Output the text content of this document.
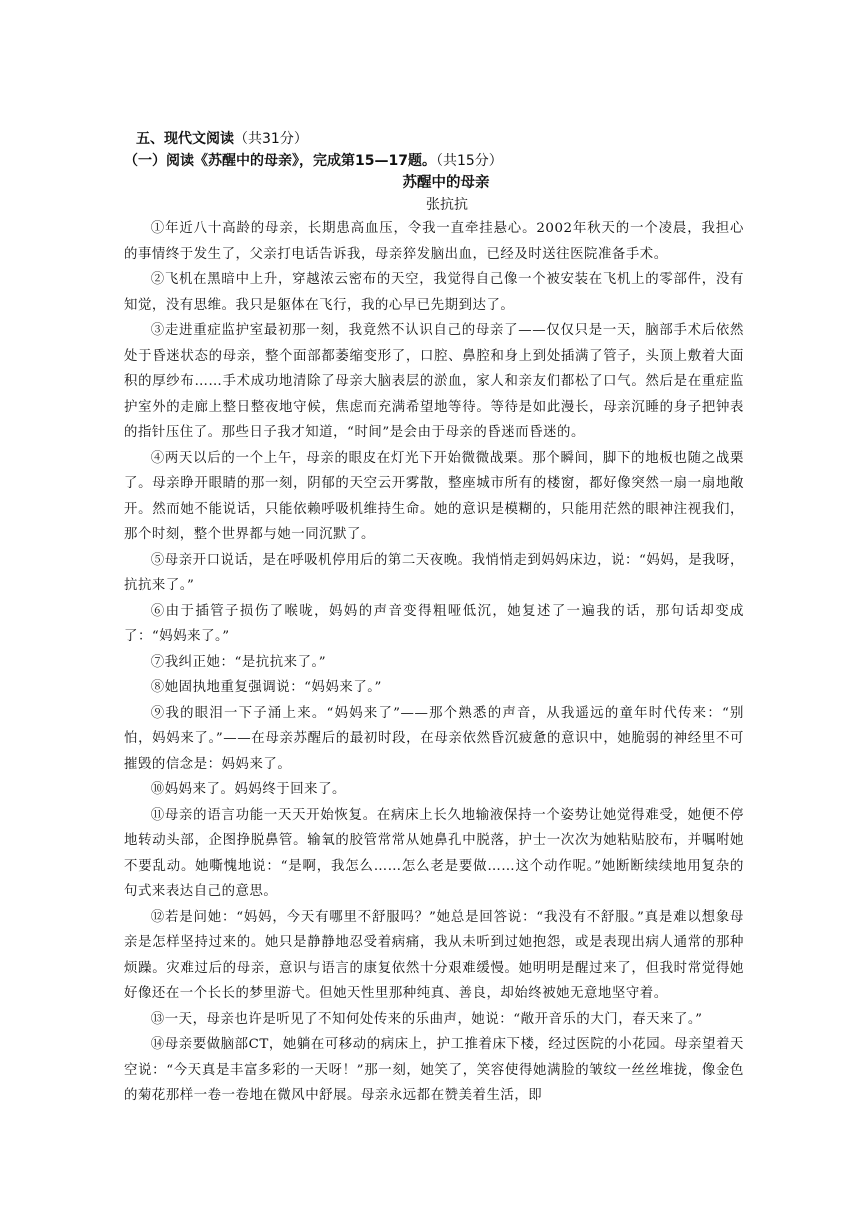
五、现代文阅读（共31分）

（一）阅读《苏醒中的母亲》，完成第15—17题。（共15分）

苏醒中的母亲

张抗抗

①年近八十高龄的母亲，长期患高血压，令我一直牵挂悬心。2002年秋天的一个凌晨，我担心的事情终于发生了，父亲打电话告诉我，母亲猝发脑出血，已经及时送往医院准备手术。

②飞机在黑暗中上升，穿越浓云密布的天空，我觉得自己像一个被安装在飞机上的零部件，没有知觉，没有思维。我只是躯体在飞行，我的心早已先期到达了。

③走进重症监护室最初那一刻，我竟然不认识自己的母亲了——仅仅只是一天，脑部手术后依然处于昏迷状态的母亲，整个面部都萎缩变形了，口腔、鼻腔和身上到处插满了管子，头顶上敷着大面积的厚纱布……手术成功地清除了母亲大脑表层的淤血，家人和亲友们都松了口气。然后是在重症监护室外的走廊上整日整夜地守候，焦虑而充满希望地等待。等待是如此漫长，母亲沉睡的身子把钟表的指针压住了。那些日子我才知道，“时间”是会由于母亲的昏迷而昏迷的。

④两天以后的一个上午，母亲的眼皮在灯光下开始微微战栗。那个瞬间，脚下的地板也随之战栗了。母亲睁开眼睛的那一刻，阴郁的天空云开雾散，整座城市所有的楼窗，都好像突然一扇一扇地敞开。然而她不能说话，只能依赖呼吸机维持生命。她的意识是模糊的，只能用茫然的眼神注视我们，那个时刻，整个世界都与她一同沉默了。

⑤母亲开口说话，是在呼吸机停用后的第二天夜晚。我悄悄走到妈妈床边，说：“妈妈，是我呀，抗抗来了。”

⑥由于插管子损伤了喉咙，妈妈的声音变得粗哑低沉，她复述了一遍我的话，那句话却变成了：“妈妈来了。”

⑦我纠正她：“是抗抗来了。”

⑧她固执地重复强调说：“妈妈来了。”

⑨我的眼泪一下子涌上来。“妈妈来了”——那个熟悉的声音，从我遥远的童年时代传来：“别怕，妈妈来了。”——在母亲苏醒后的最初时段，在母亲依然昏沉疲惫的意识中，她脆弱的神经里不可摧毁的信念是：妈妈来了。

⑩妈妈来了。妈妈终于回来了。

⑪母亲的语言功能一天天开始恢复。在病床上长久地输液保持一个姿势让她觉得难受，她便不停地转动头部，企图挣脱鼻管。输氧的胶管常常从她鼻孔中脱落，护士一次次为她粘贴胶布，并嘱咐她不要乱动。她嘶愧地说：“是啊，我怎么……怎么老是要做……这个动作呢。”她断断续续地用复杂的句式来表达自己的意思。

⑫若是问她：“妈妈，今天有哪里不舒服吗？”她总是回答说：“我没有不舒服。”真是难以想象母亲是怎样坚持过来的。她只是静静地忍受着病痛，我从未听到过她抱怨，或是表现出病人通常的那种烦躁。灾难过后的母亲，意识与语言的康复依然十分艰难缓慢。她明明是醒过来了，但我时常觉得她好像还在一个长长的梦里游弋。但她天性里那种纯真、善良，却始终被她无意地坚守着。

⑬一天，母亲也许是听见了不知何处传来的乐曲声，她说：“敞开音乐的大门，春天来了。”

⑭母亲要做脑部CT，她躺在可移动的病床上，护工推着床下楼，经过医院的小花园。母亲望着天空说：“今天真是丰富多彩的一天呀！”那一刻，她笑了，笑容使得她满脸的皱纹一丝丝堆拢，像金色的菊花那样一卷一卷地在微风中舒展。母亲永远都在赞美着生活，即
